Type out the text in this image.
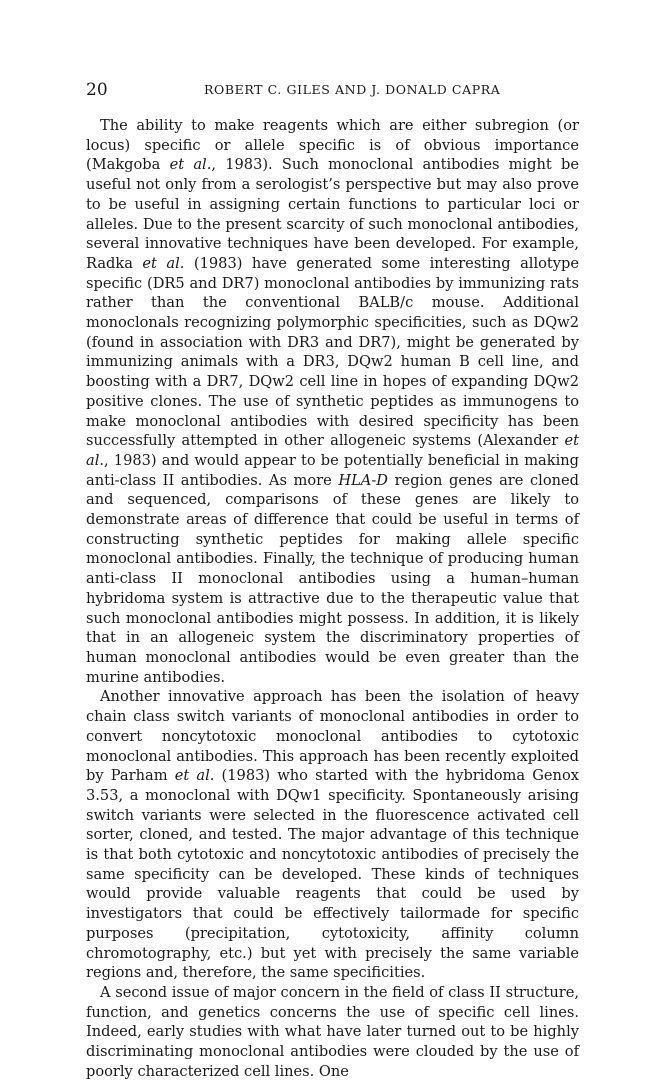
20	ROBERT C. GILES AND J. DONALD CAPRA

The ability to make reagents which are either subregion (or locus) specific or allele specific is of obvious importance (Makgoba et al., 1983). Such monoclonal antibodies might be useful not only from a serologist’s perspective but may also prove to be useful in assigning certain functions to particular loci or alleles. Due to the present scarcity of such monoclonal antibodies, several innovative techniques have been developed. For example, Radka et al. (1983) have generated some interesting allotype specific (DR5 and DR7) monoclonal antibodies by immunizing rats rather than the conventional BALB/c mouse. Additional monoclonals recognizing polymorphic specificities, such as DQw2 (found in association with DR3 and DR7), might be generated by immunizing animals with a DR3, DQw2 human B cell line, and boosting with a DR7, DQw2 cell line in hopes of expanding DQw2 positive clones. The use of synthetic peptides as immunogens to make monoclonal antibodies with desired specificity has been successfully attempted in other allogeneic systems (Alexander et al., 1983) and would appear to be potentially beneficial in making anti-class II antibodies. As more HLA-D region genes are cloned and sequenced, comparisons of these genes are likely to demonstrate areas of difference that could be useful in terms of constructing synthetic peptides for making allele specific monoclonal antibodies. Finally, the technique of producing human anti-class II monoclonal antibodies using a human–human hybridoma system is attractive due to the therapeutic value that such monoclonal antibodies might possess. In addition, it is likely that in an allogeneic system the discriminatory properties of human monoclonal antibodies would be even greater than the murine antibodies.

Another innovative approach has been the isolation of heavy chain class switch variants of monoclonal antibodies in order to convert noncytotoxic monoclonal antibodies to cytotoxic monoclonal antibodies. This approach has been recently exploited by Parham et al. (1983) who started with the hybridoma Genox 3.53, a monoclonal with DQw1 specificity. Spontaneously arising switch variants were selected in the fluorescence activated cell sorter, cloned, and tested. The major advantage of this technique is that both cytotoxic and noncytotoxic antibodies of precisely the same specificity can be developed. These kinds of techniques would provide valuable reagents that could be used by investigators that could be effectively tailormade for specific purposes (precipitation, cytotoxicity, affinity column chromotography, etc.) but yet with precisely the same variable regions and, therefore, the same specificities.

A second issue of major concern in the field of class II structure, function, and genetics concerns the use of specific cell lines. Indeed, early studies with what have later turned out to be highly discriminating monoclonal antibodies were clouded by the use of poorly characterized cell lines. One
